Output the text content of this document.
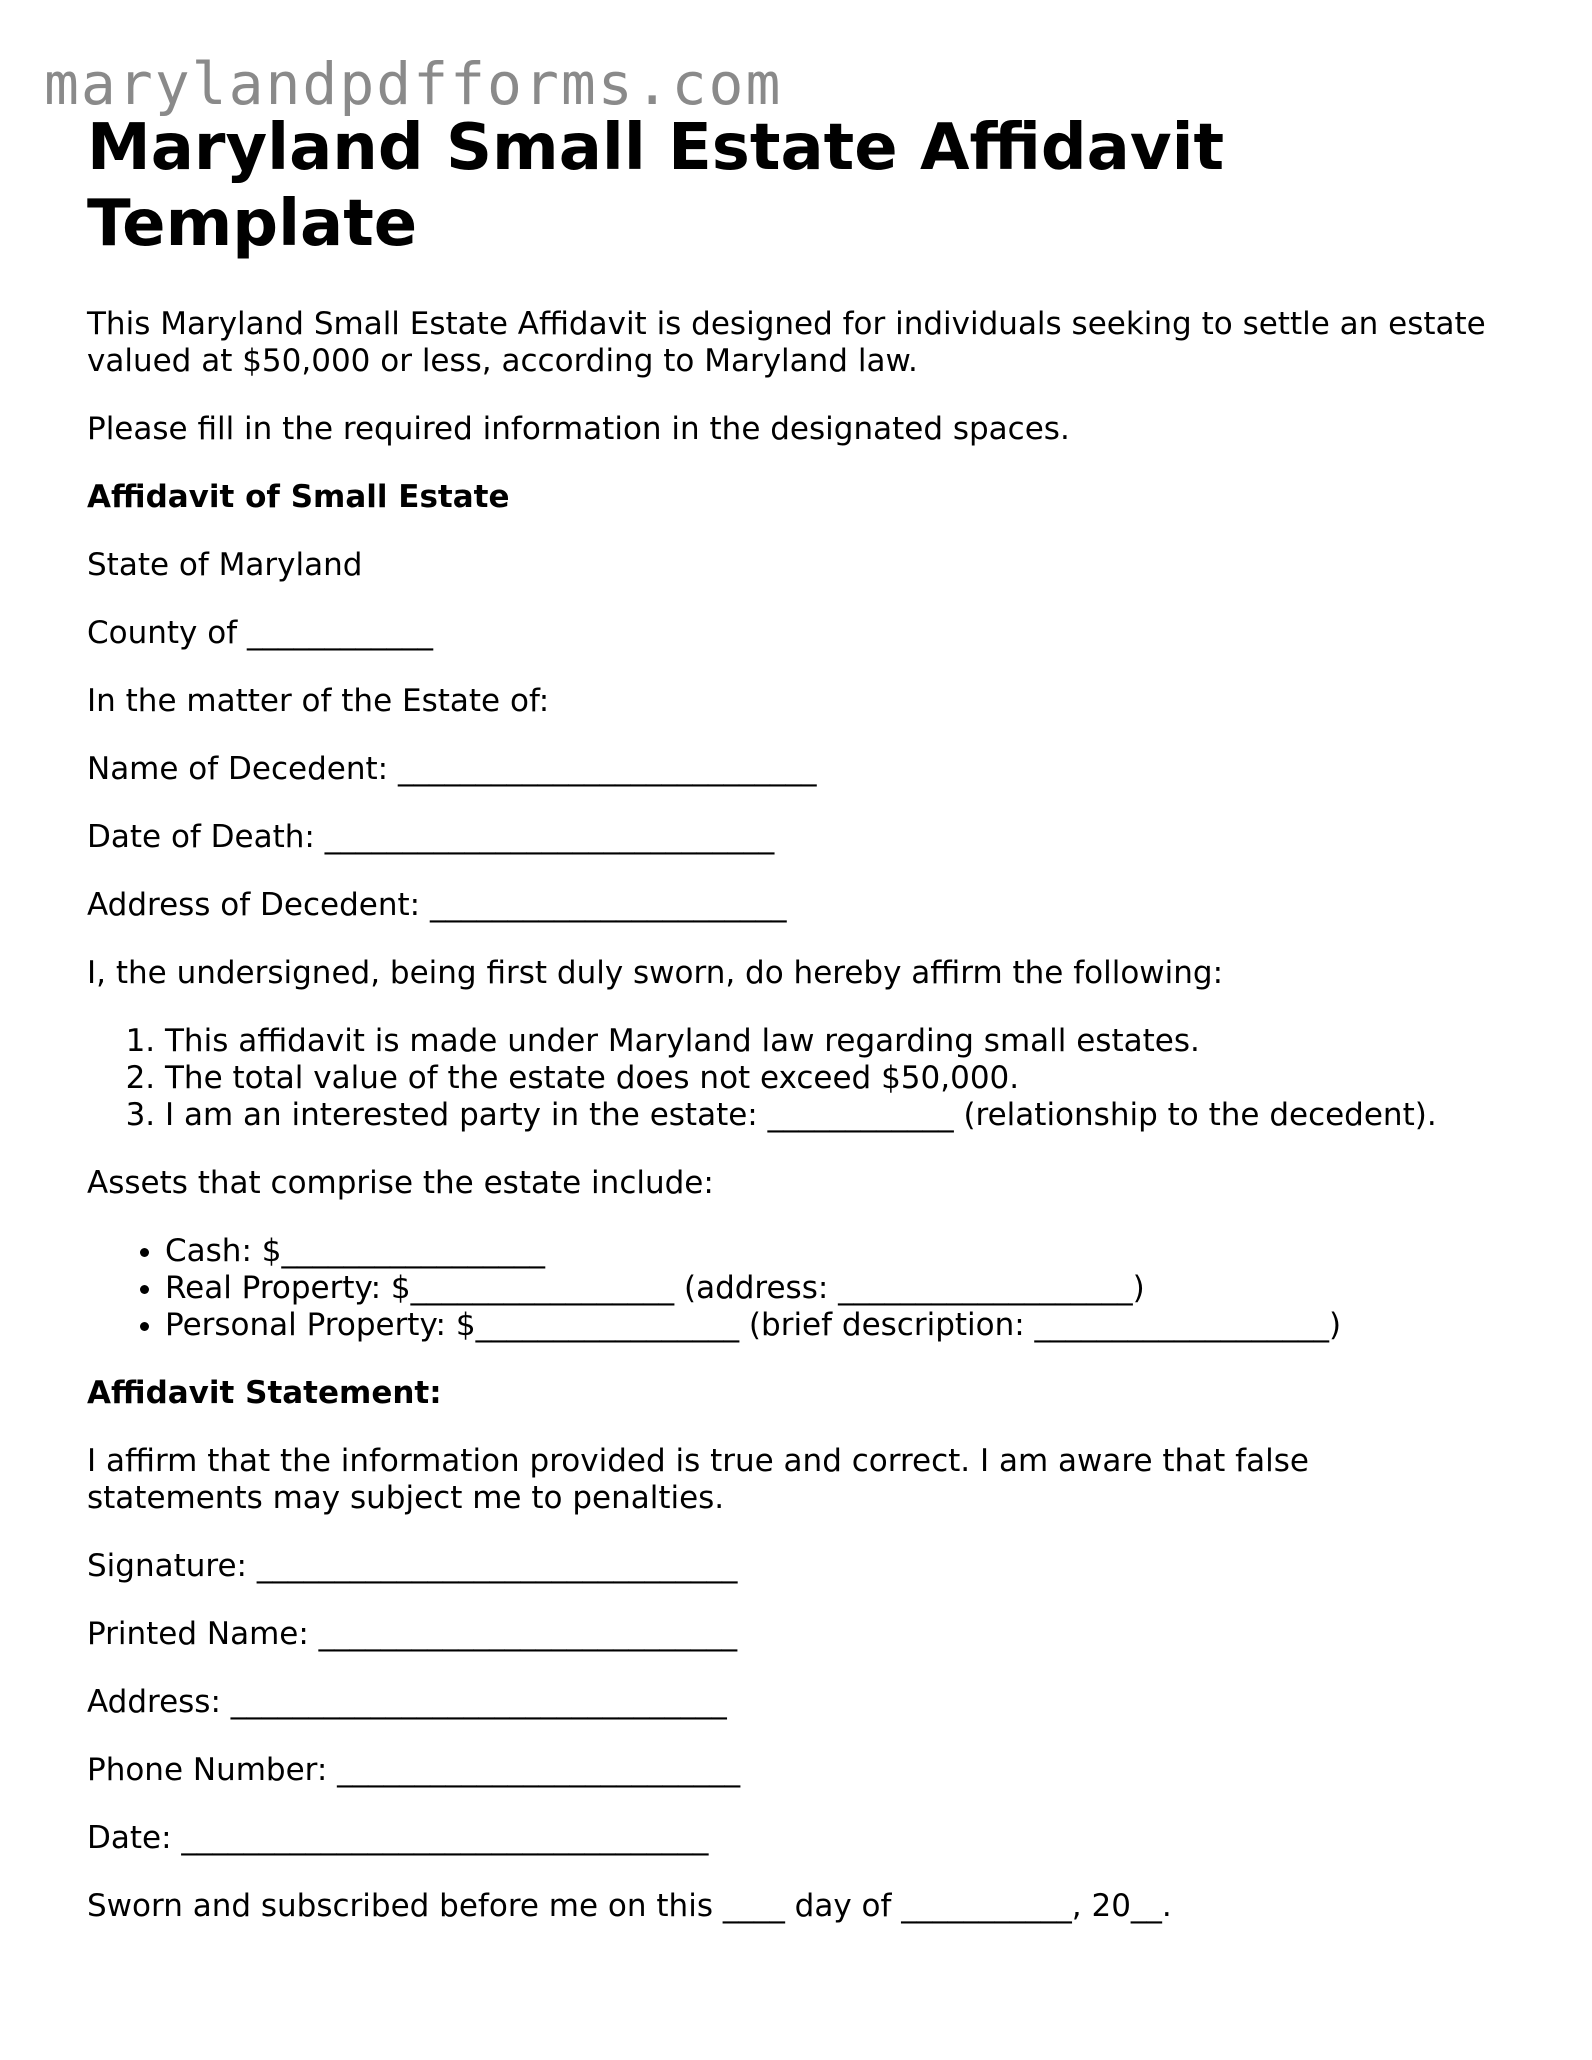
marylandpdfforms.com
Maryland Small Estate Affidavit Template

This Maryland Small Estate Affidavit is designed for individuals seeking to settle an estate valued at $50,000 or less, according to Maryland law.

Please fill in the required information in the designated spaces.

Affidavit of Small Estate

State of Maryland

County of ____________

In the matter of the Estate of:

Name of Decedent: ___________________________

Date of Death: _____________________________

Address of Decedent: _______________________

I, the undersigned, being first duly sworn, do hereby affirm the following:

1. This affidavit is made under Maryland law regarding small estates.
2. The total value of the estate does not exceed $50,000.
3. I am an interested party in the estate: ____________ (relationship to the decedent).

Assets that comprise the estate include:

• Cash: $_________________
• Real Property: $_________________ (address: ___________________)
• Personal Property: $_________________ (brief description: ___________________)

Affidavit Statement:

I affirm that the information provided is true and correct. I am aware that false statements may subject me to penalties.

Signature: _______________________________

Printed Name: ___________________________

Address: ________________________________

Phone Number: __________________________

Date: __________________________________

Sworn and subscribed before me on this ____ day of ___________, 20__.
